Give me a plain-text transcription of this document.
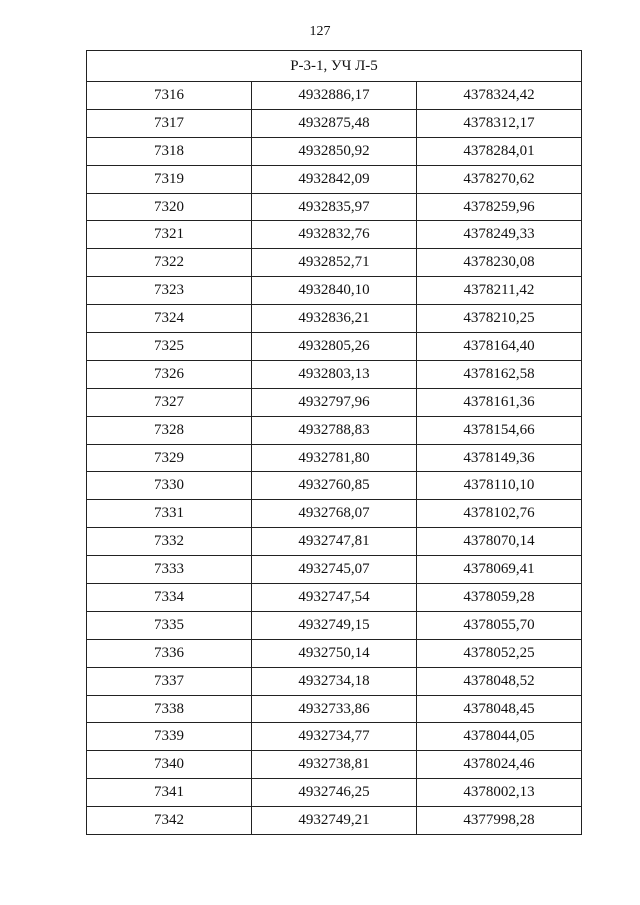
127
Р-3-1, УЧ Л-5		
7316	4932886,17	4378324,42
7317	4932875,48	4378312,17
7318	4932850,92	4378284,01
7319	4932842,09	4378270,62
7320	4932835,97	4378259,96
7321	4932832,76	4378249,33
7322	4932852,71	4378230,08
7323	4932840,10	4378211,42
7324	4932836,21	4378210,25
7325	4932805,26	4378164,40
7326	4932803,13	4378162,58
7327	4932797,96	4378161,36
7328	4932788,83	4378154,66
7329	4932781,80	4378149,36
7330	4932760,85	4378110,10
7331	4932768,07	4378102,76
7332	4932747,81	4378070,14
7333	4932745,07	4378069,41
7334	4932747,54	4378059,28
7335	4932749,15	4378055,70
7336	4932750,14	4378052,25
7337	4932734,18	4378048,52
7338	4932733,86	4378048,45
7339	4932734,77	4378044,05
7340	4932738,81	4378024,46
7341	4932746,25	4378002,13
7342	4932749,21	4377998,28
